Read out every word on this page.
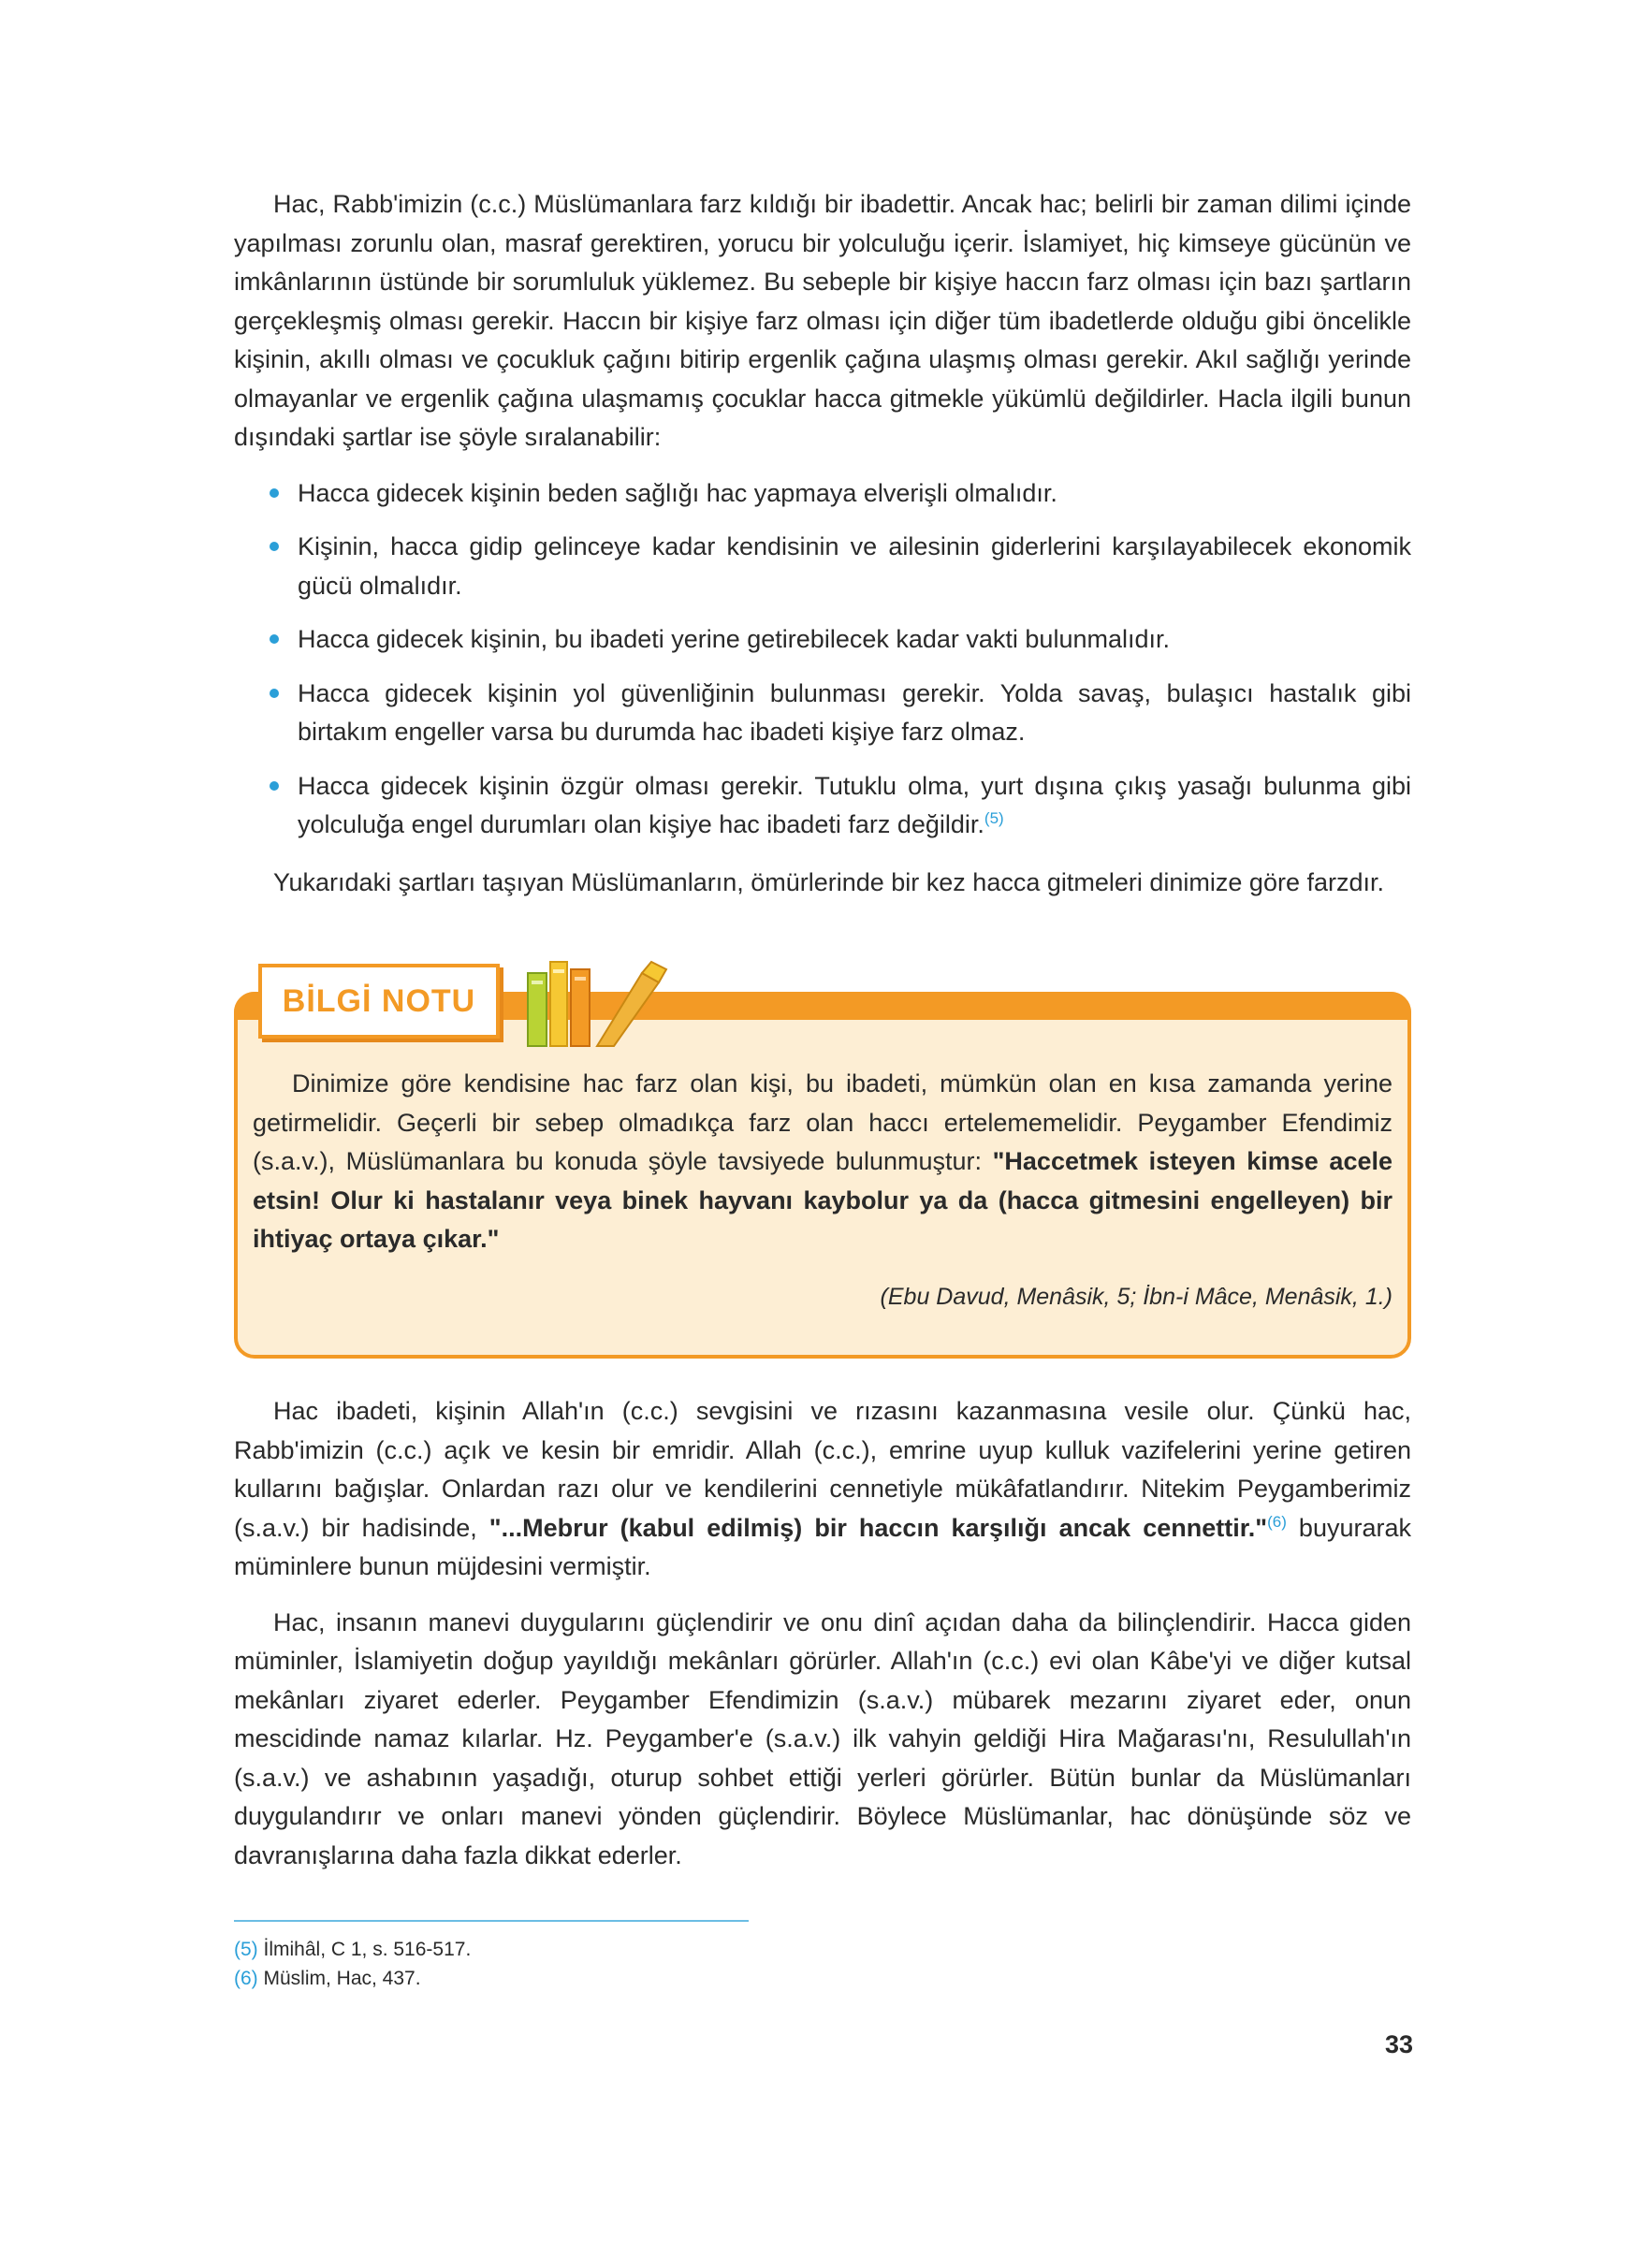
Hac, Rabb'imizin (c.c.) Müslümanlara farz kıldığı bir ibadettir. Ancak hac; belirli bir zaman dilimi içinde yapılması zorunlu olan, masraf gerektiren, yorucu bir yolculuğu içerir. İslamiyet, hiç kimseye gücünün ve imkânlarının üstünde bir sorumluluk yüklemez. Bu sebeple bir kişiye haccın farz olması için bazı şartların gerçekleşmiş olması gerekir. Haccın bir kişiye farz olması için diğer tüm ibadetlerde olduğu gibi öncelikle kişinin, akıllı olması ve çocukluk çağını bitirip ergenlik çağına ulaşmış olması gerekir. Akıl sağlığı yerinde olmayanlar ve ergenlik çağına ulaşmamış çocuklar hacca gitmekle yükümlü değildirler. Hacla ilgili bunun dışındaki şartlar ise şöyle sıralanabilir:

Hacca gidecek kişinin beden sağlığı hac yapmaya elverişli olmalıdır.
Kişinin, hacca gidip gelinceye kadar kendisinin ve ailesinin giderlerini karşılayabilecek ekonomik gücü olmalıdır.
Hacca gidecek kişinin, bu ibadeti yerine getirebilecek kadar vakti bulunmalıdır.
Hacca gidecek kişinin yol güvenliğinin bulunması gerekir. Yolda savaş, bulaşıcı hastalık gibi birtakım engeller varsa bu durumda hac ibadeti kişiye farz olmaz.
Hacca gidecek kişinin özgür olması gerekir. Tutuklu olma, yurt dışına çıkış yasağı bulunma gibi yolculuğa engel durumları olan kişiye hac ibadeti farz değildir.$^{(5)}$

Yukarıdaki şartları taşıyan Müslümanların, ömürlerinde bir kez hacca gitmeleri dinimize göre farzdır.

BİLGİ NOTU

Dinimize göre kendisine hac farz olan kişi, bu ibadeti, mümkün olan en kısa zamanda yerine getirmelidir. Geçerli bir sebep olmadıkça farz olan haccı ertelememelidir. Peygamber Efendimiz (s.a.v.), Müslümanlara bu konuda şöyle tavsiyede bulunmuştur: "Haccetmek isteyen kimse acele etsin! Olur ki hastalanır veya binek hayvanı kaybolur ya da (hacca gitmesini engelleyen) bir ihtiyaç ortaya çıkar."

(Ebu Davud, Menâsik, 5; İbn-i Mâce, Menâsik, 1.)

Hac ibadeti, kişinin Allah'ın (c.c.) sevgisini ve rızasını kazanmasına vesile olur. Çünkü hac, Rabb'imizin (c.c.) açık ve kesin bir emridir. Allah (c.c.), emrine uyup kulluk vazifelerini yerine getiren kullarını bağışlar. Onlardan razı olur ve kendilerini cennetiyle mükâfatlandırır. Nitekim Peygamberimiz (s.a.v.) bir hadisinde, "...Mebrur (kabul edilmiş) bir haccın karşılığı ancak cennettir."$^{(6)}$ buyurarak müminlere bunun müjdesini vermiştir.

Hac, insanın manevi duygularını güçlendirir ve onu dinî açıdan daha da bilinçlendirir. Hacca giden müminler, İslamiyetin doğup yayıldığı mekânları görürler. Allah'ın (c.c.) evi olan Kâbe'yi ve diğer kutsal mekânları ziyaret ederler. Peygamber Efendimizin (s.a.v.) mübarek mezarını ziyaret eder, onun mescidinde namaz kılarlar. Hz. Peygamber'e (s.a.v.) ilk vahyin geldiği Hira Mağarası'nı, Resulullah'ın (s.a.v.) ve ashabının yaşadığı, oturup sohbet ettiği yerleri görürler. Bütün bunlar da Müslümanları duygulandırır ve onları manevi yönden güçlendirir. Böylece Müslümanlar, hac dönüşünde söz ve davranışlarına daha fazla dikkat ederler.

(5) İlmihâl, C 1, s. 516-517.
(6) Müslim, Hac, 437.
33
